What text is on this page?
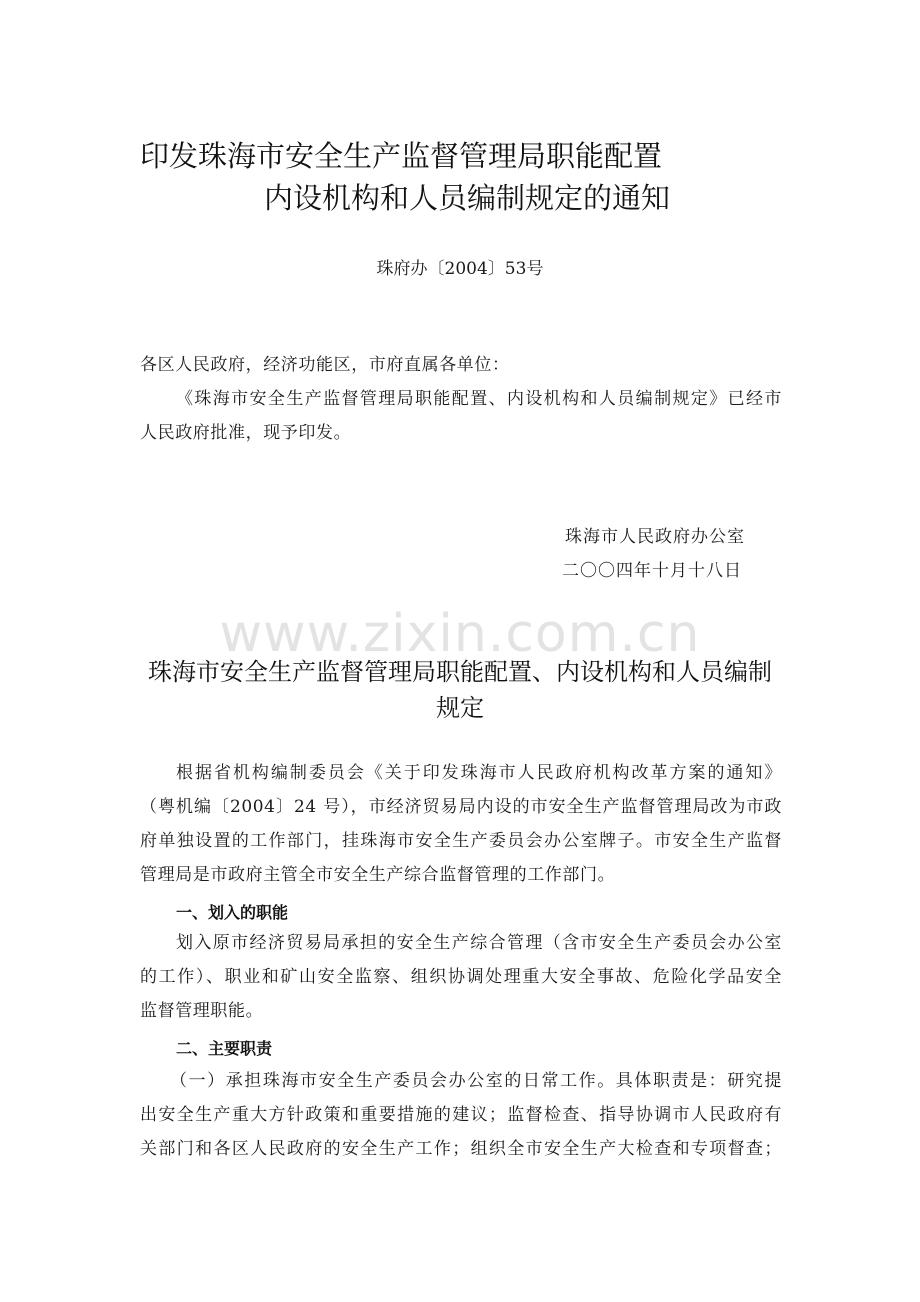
印发珠海市安全生产监督管理局职能配置
内设机构和人员编制规定的通知
珠府办〔2004〕53号
各区人民政府，经济功能区，市府直属各单位：
《珠海市安全生产监督管理局职能配置、内设机构和人员编制规定》已经市
人民政府批准，现予印发。
珠海市人民政府办公室
二〇〇四年十月十八日
www.zixin.com.cn
珠海市安全生产监督管理局职能配置、内设机构和人员编制
规定
根据省机构编制委员会《关于印发珠海市人民政府机构改革方案的通知》
（粤机编〔2004〕24 号），市经济贸易局内设的市安全生产监督管理局改为市政
府单独设置的工作部门，挂珠海市安全生产委员会办公室牌子。市安全生产监督
管理局是市政府主管全市安全生产综合监督管理的工作部门。
一、划入的职能
划入原市经济贸易局承担的安全生产综合管理（含市安全生产委员会办公室
的工作）、职业和矿山安全监察、组织协调处理重大安全事故、危险化学品安全
监督管理职能。
二、主要职责
（一）承担珠海市安全生产委员会办公室的日常工作。具体职责是：研究提
出安全生产重大方针政策和重要措施的建议；监督检查、指导协调市人民政府有
关部门和各区人民政府的安全生产工作；组织全市安全生产大检查和专项督查；
